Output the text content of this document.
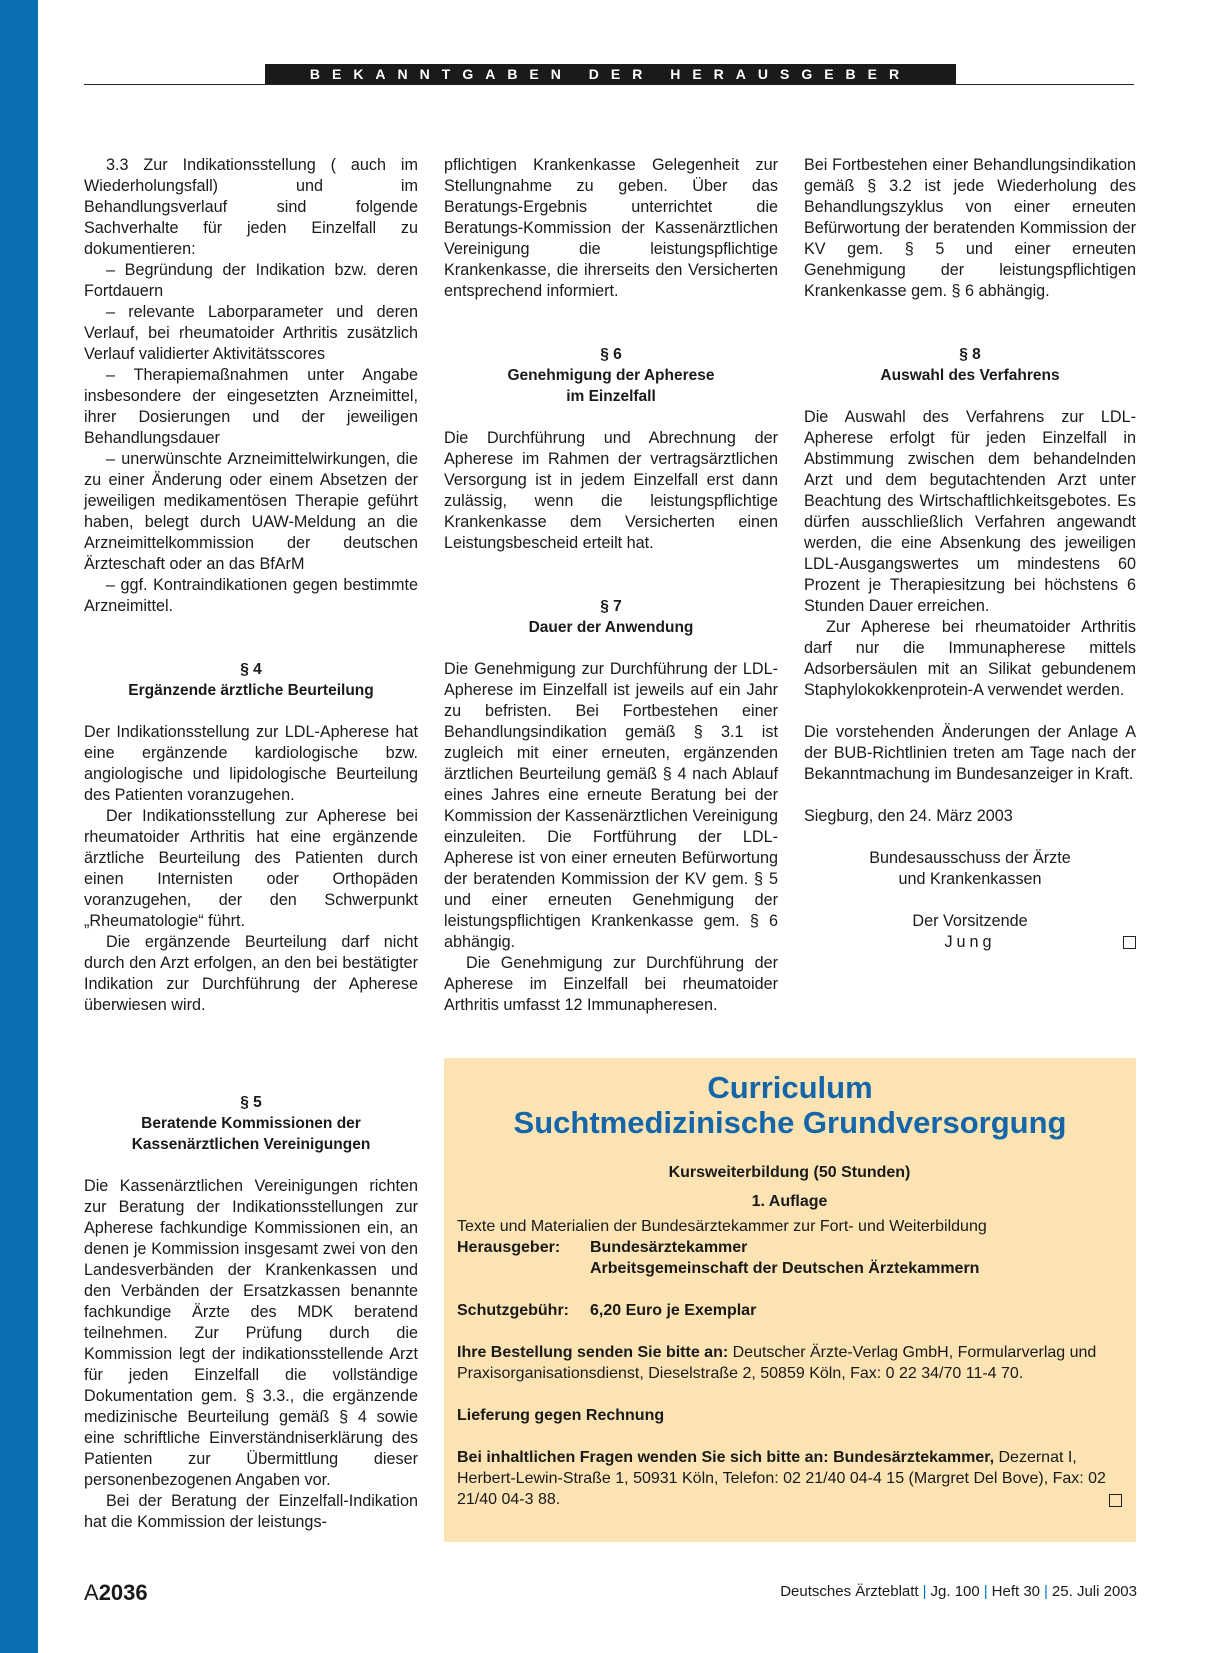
BEKANNTGABEN DER HERAUSGEBER

3.3 Zur Indikationsstellung ( auch im Wiederholungsfall) und im Behandlungsverlauf sind folgende Sachverhalte für jeden Einzelfall zu dokumentieren:

– Begründung der Indikation bzw. deren Fortdauern

– relevante Laborparameter und deren Verlauf, bei rheumatoider Arthritis zusätzlich Verlauf validierter Aktivitätsscores

– Therapiemaßnahmen unter Angabe insbesondere der eingesetzten Arzneimittel, ihrer Dosierungen und der jeweiligen Behandlungsdauer

– unerwünschte Arzneimittelwirkungen, die zu einer Änderung oder einem Absetzen der jeweiligen medikamentösen Therapie geführt haben, belegt durch UAW-Meldung an die Arzneimittelkommission der deutschen Ärzteschaft oder an das BfArM

– ggf. Kontraindikationen gegen bestimmte Arzneimittel.

§ 4

Ergänzende ärztliche Beurteilung

Der Indikationsstellung zur LDL-Apherese hat eine ergänzende kardiologische bzw. angiologische und lipidologische Beurteilung des Patienten voranzugehen.

Der Indikationsstellung zur Apherese bei rheumatoider Arthritis hat eine ergänzende ärztliche Beurteilung des Patienten durch einen Internisten oder Orthopäden voranzugehen, der den Schwerpunkt „Rheumatologie“ führt.

Die ergänzende Beurteilung darf nicht durch den Arzt erfolgen, an den bei bestätigter Indikation zur Durchführung der Apherese überwiesen wird.

§ 5

Beratende Kommissionen der

Kassenärztlichen Vereinigungen

Die Kassenärztlichen Vereinigungen richten zur Beratung der Indikationsstellungen zur Apherese fachkundige Kommissionen ein, an denen je Kommission insgesamt zwei von den Landesverbänden der Krankenkassen und den Verbänden der Ersatzkassen benannte fachkundige Ärzte des MDK beratend teilnehmen. Zur Prüfung durch die Kommission legt der indikationsstellende Arzt für jeden Einzelfall die vollständige Dokumentation gem. § 3.3., die ergänzende medizinische Beurteilung gemäß § 4 sowie eine schriftliche Einverständniserklärung des Patienten zur Übermittlung dieser personenbezogenen Angaben vor.

Bei der Beratung der Einzelfall-Indikation hat die Kommission der leistungs-

pflichtigen Krankenkasse Gelegenheit zur Stellungnahme zu geben. Über das Beratungs-Ergebnis unterrichtet die Beratungs-Kommission der Kassenärztlichen Vereinigung die leistungspflichtige Krankenkasse, die ihrerseits den Versicherten entsprechend informiert.

§ 6

Genehmigung der Apherese

im Einzelfall

Die Durchführung und Abrechnung der Apherese im Rahmen der vertragsärztlichen Versorgung ist in jedem Einzelfall erst dann zulässig, wenn die leistungspflichtige Krankenkasse dem Versicherten einen Leistungsbescheid erteilt hat.

§ 7

Dauer der Anwendung

Die Genehmigung zur Durchführung der LDL-Apherese im Einzelfall ist jeweils auf ein Jahr zu befristen. Bei Fortbestehen einer Behandlungsindikation gemäß § 3.1 ist zugleich mit einer erneuten, ergänzenden ärztlichen Beurteilung gemäß § 4 nach Ablauf eines Jahres eine erneute Beratung bei der Kommission der Kassenärztlichen Vereinigung einzuleiten. Die Fortführung der LDL-Apherese ist von einer erneuten Befürwortung der beratenden Kommission der KV gem. § 5 und einer erneuten Genehmigung der leistungspflichtigen Krankenkasse gem. § 6 abhängig.

Die Genehmigung zur Durchführung der Apherese im Einzelfall bei rheumatoider Arthritis umfasst 12 Immunapheresen.

Bei Fortbestehen einer Behandlungsindikation gemäß § 3.2 ist jede Wiederholung des Behandlungszyklus von einer erneuten Befürwortung der beratenden Kommission der KV gem. § 5 und einer erneuten Genehmigung der leistungspflichtigen Krankenkasse gem. § 6 abhängig.

§ 8

Auswahl des Verfahrens

Die Auswahl des Verfahrens zur LDL-Apherese erfolgt für jeden Einzelfall in Abstimmung zwischen dem behandelnden Arzt und dem begutachtenden Arzt unter Beachtung des Wirtschaftlichkeitsgebotes. Es dürfen ausschließlich Verfahren angewandt werden, die eine Absenkung des jeweiligen LDL-Ausgangswertes um mindestens 60 Prozent je Therapiesitzung bei höchstens 6 Stunden Dauer erreichen.

Zur Apherese bei rheumatoider Arthritis darf nur die Immunapherese mittels Adsorbersäulen mit an Silikat gebundenem Staphylokokkenprotein-A verwendet werden.

Die vorstehenden Änderungen der Anlage A der BUB-Richtlinien treten am Tage nach der Bekanntmachung im Bundesanzeiger in Kraft.

Siegburg, den 24. März 2003

Bundesausschuss der Ärzte

und Krankenkassen

Der Vorsitzende

Jung

Curriculum
Suchtmedizinische Grundversorgung

Kursweiterbildung (50 Stunden)

1. Auflage

Texte und Materialien der Bundesärztekammer zur Fort- und Weiterbildung

Herausgeber:	Bundesärztekammer
Arbeitsgemeinschaft der Deutschen Ärztekammern
Schutzgebühr:	6,20 Euro je Exemplar

Ihre Bestellung senden Sie bitte an: Deutscher Ärzte-Verlag GmbH, Formularverlag und Praxisorganisationsdienst, Dieselstraße 2, 50859 Köln, Fax: 0 22 34/70 11-4 70.

Lieferung gegen Rechnung

Bei inhaltlichen Fragen wenden Sie sich bitte an: Bundesärztekammer, Dezernat I, Herbert-Lewin-Straße 1, 50931 Köln, Telefon: 02 21/40 04-4 15 (Margret Del Bove), Fax: 02 21/40 04-3 88.

A2036	Deutsches Ärzteblatt | Jg. 100 | Heft 30 | 25. Juli 2003
